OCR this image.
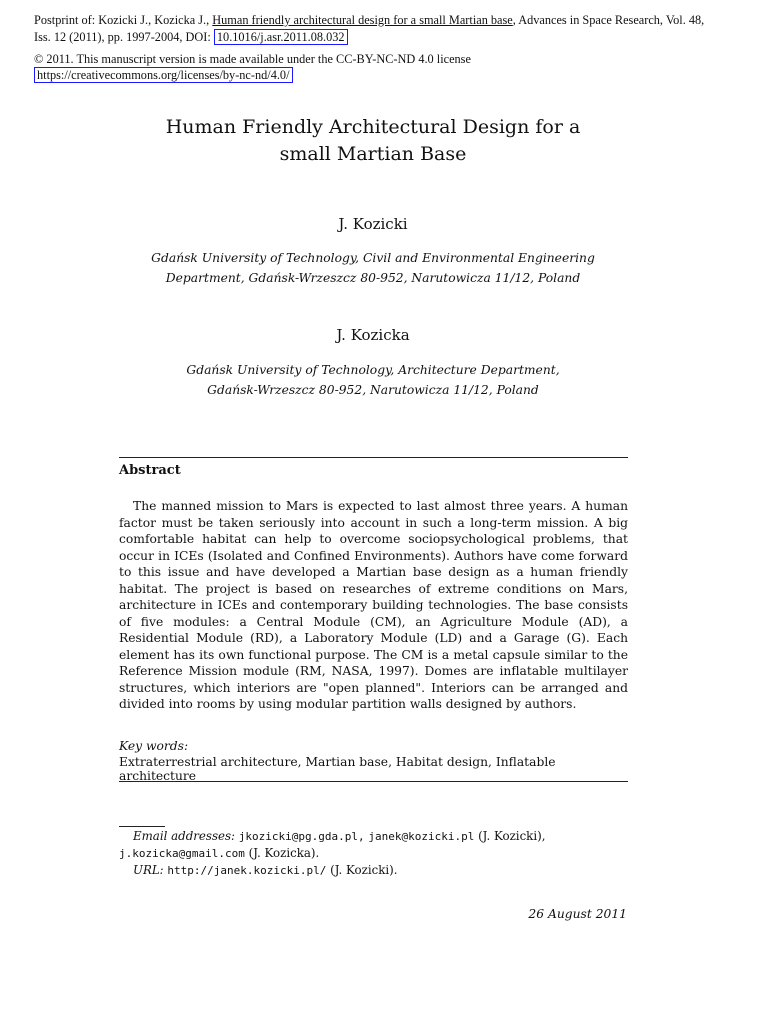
Postprint of: Kozicki J., Kozicka J., Human friendly architectural design for a small Martian base, Advances in Space Research, Vol. 48,
Iss. 12 (2011), pp. 1997-2004, DOI: 10.1016/j.asr.2011.08.032
© 2011. This manuscript version is made available under the CC-BY-NC-ND 4.0 license
https://creativecommons.org/licenses/by-nc-nd/4.0/
Human Friendly Architectural Design for a
small Martian Base
J. Kozicki
Gdańsk University of Technology, Civil and Environmental Engineering
Department, Gdańsk-Wrzeszcz 80-952, Narutowicza 11/12, Poland
J. Kozicka
Gdańsk University of Technology, Architecture Department,
Gdańsk-Wrzeszcz 80-952, Narutowicza 11/12, Poland
Abstract

The manned mission to Mars is expected to last almost three years. A human factor must be taken seriously into account in such a long-term mission. A big comfortable habitat can help to overcome sociopsychological problems, that occur in ICEs (Isolated and Confined Environments). Authors have come forward to this issue and have developed a Martian base design as a human friendly habitat. The project is based on researches of extreme conditions on Mars, architecture in ICEs and contemporary building technologies. The base consists of five modules: a Central Module (CM), an Agriculture Module (AD), a Residential Module (RD), a Laboratory Module (LD) and a Garage (G). Each element has its own functional purpose. The CM is a metal capsule similar to the Reference Mission module (RM, NASA, 1997). Domes are inflatable multilayer structures, which interiors are "open planned". Interiors can be arranged and divided into rooms by using modular partition walls designed by authors.

Key words:
Extraterrestrial architecture, Martian base, Habitat design, Inflatable architecture
Email addresses: jkozicki@pg.gda.pl, janek@kozicki.pl (J. Kozicki),
j.kozicka@gmail.com (J. Kozicka).
URL: http://janek.kozicki.pl/ (J. Kozicki).
26 August 2011
